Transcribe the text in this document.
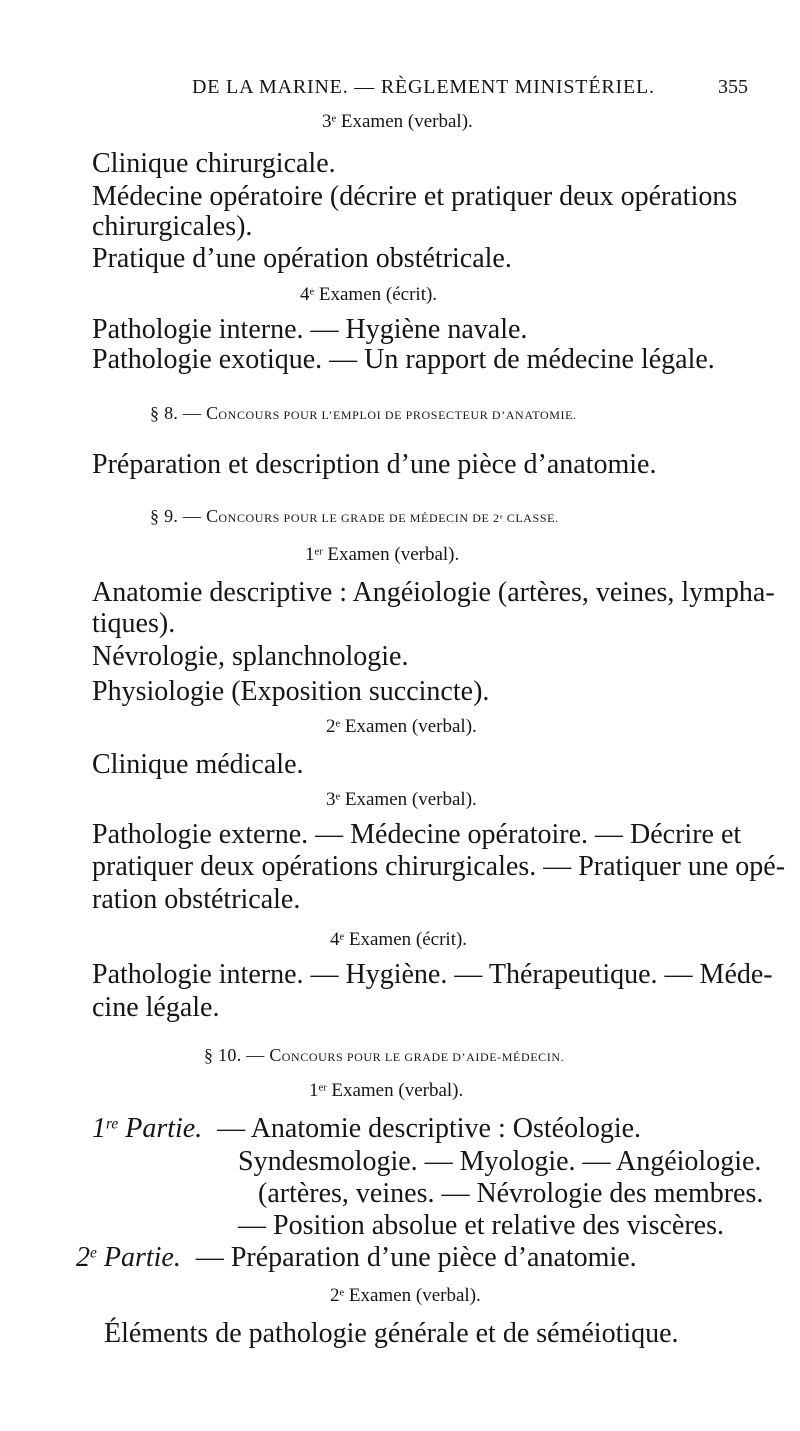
DE LA MARINE. — RÈGLEMENT MINISTÉRIEL.	355
3e Examen (verbal).
Clinique chirurgicale.
Médecine opératoire (décrire et pratiquer deux opérations
chirurgicales).
Pratique d’une opération obstétricale.
4e Examen (écrit).
Pathologie interne. — Hygiène navale.
Pathologie exotique. — Un rapport de médecine légale.
§ 8. — CONCOURS POUR L’EMPLOI DE PROSECTEUR D’ANATOMIE.
Préparation et description d’une pièce d’anatomie.
§ 9. — CONCOURS POUR LE GRADE DE MÉDECIN DE 2e CLASSE.
1er Examen (verbal).
Anatomie descriptive : Angéiologie (artères, veines, lympha-
tiques).
Névrologie, splanchnologie.
Physiologie (Exposition succincte).
2e Examen (verbal).
Clinique médicale.
3e Examen (verbal).
Pathologie externe. — Médecine opératoire. — Décrire et
pratiquer deux opérations chirurgicales. — Pratiquer une opé-
ration obstétricale.
4e Examen (écrit).
Pathologie interne. — Hygiène. — Thérapeutique. — Méde-
cine légale.
§ 10. — CONCOURS POUR LE GRADE D’AIDE-MÉDECIN.
1er Examen (verbal).
1re Partie. — Anatomie descriptive : Ostéologie.
Syndesmologie. — Myologie. — Angéiologie.
(artères, veines. — Névrologie des membres.
— Position absolue et relative des viscères.
2e Partie. — Préparation d’une pièce d’anatomie.
2e Examen (verbal).
Éléments de pathologie générale et de séméiotique.
